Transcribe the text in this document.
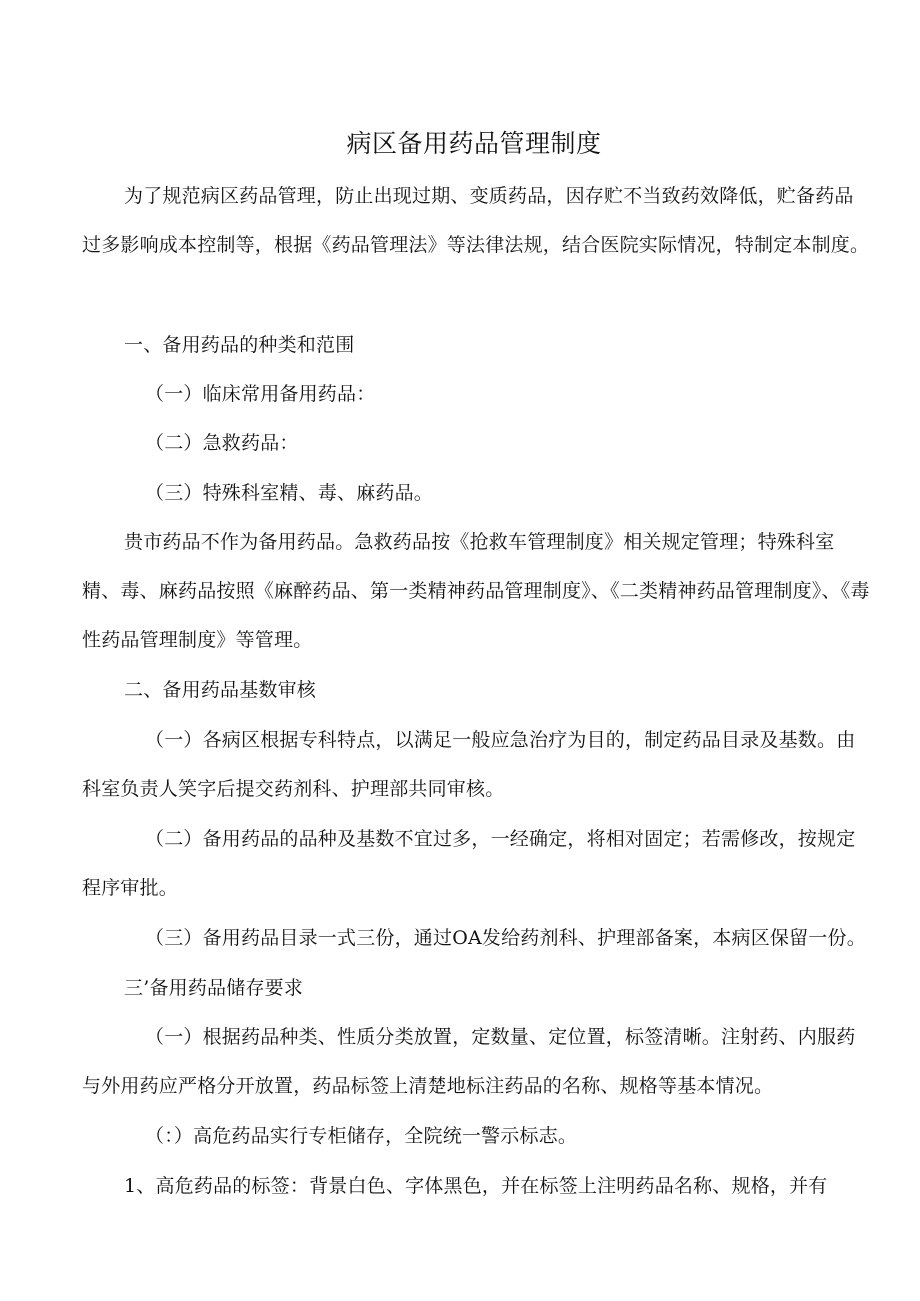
病区备用药品管理制度

为了规范病区药品管理，防止出现过期、变质药品，因存贮不当致药效降低，贮备药品过多影响成本控制等，根据《药品管理法》等法律法规，结合医院实际情况，特制定本制度。

一、备用药品的种类和范围

（一）临床常用备用药品：

（二）急救药品：

（三）特殊科室精、毒、麻药品。

贵市药品不作为备用药品。急救药品按《抢救车管理制度》相关规定管理；特殊科室精、毒、麻药品按照《麻醉药品、第一类精神药品管理制度》、《二类精神药品管理制度》、《毒性药品管理制度》等管理。

二、备用药品基数审核

（一）各病区根据专科特点，以满足一般应急治疗为目的，制定药品目录及基数。由科室负责人笑字后提交药剂科、护理部共同审核。

（二）备用药品的品种及基数不宜过多，一经确定，将相对固定；若需修改，按规定程序审批。

（三）备用药品目录一式三份，通过OA发给药剂科、护理部备案，本病区保留一份。

三’备用药品储存要求

（一）根据药品种类、性质分类放置，定数量、定位置，标签清晰。注射药、内服药与外用药应严格分开放置，药品标签上清楚地标注药品的名称、规格等基本情况。

（：）高危药品实行专柜储存，全院统一警示标志。

1、高危药品的标签：背景白色、字体黑色，并在标签上注明药品名称、规格，并有
